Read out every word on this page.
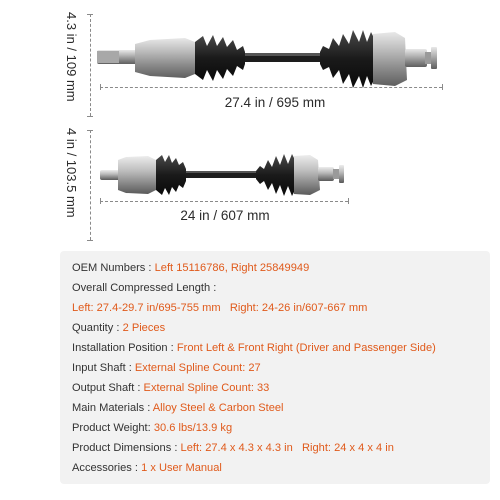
4.3 in / 109 mm
27.4 in / 695 mm
4 in / 103.5 mm	24 in / 607 mm
OEM Numbers : Left 15116786, Right 25849949
Overall Compressed Length :
Left: 27.4-29.7 in/695-755 mm   Right: 24-26 in/607-667 mm
Quantity : 2 Pieces
Installation Position : Front Left & Front Right (Driver and Passenger Side)
Input Shaft : External Spline Count: 27
Output Shaft : External Spline Count: 33
Main Materials : Alloy Steel & Carbon Steel
Product Weight: 30.6 lbs/13.9 kg
Product Dimensions : Left: 27.4 x 4.3 x 4.3 in   Right: 24 x 4 x 4 in
Accessories : 1 x User Manual
